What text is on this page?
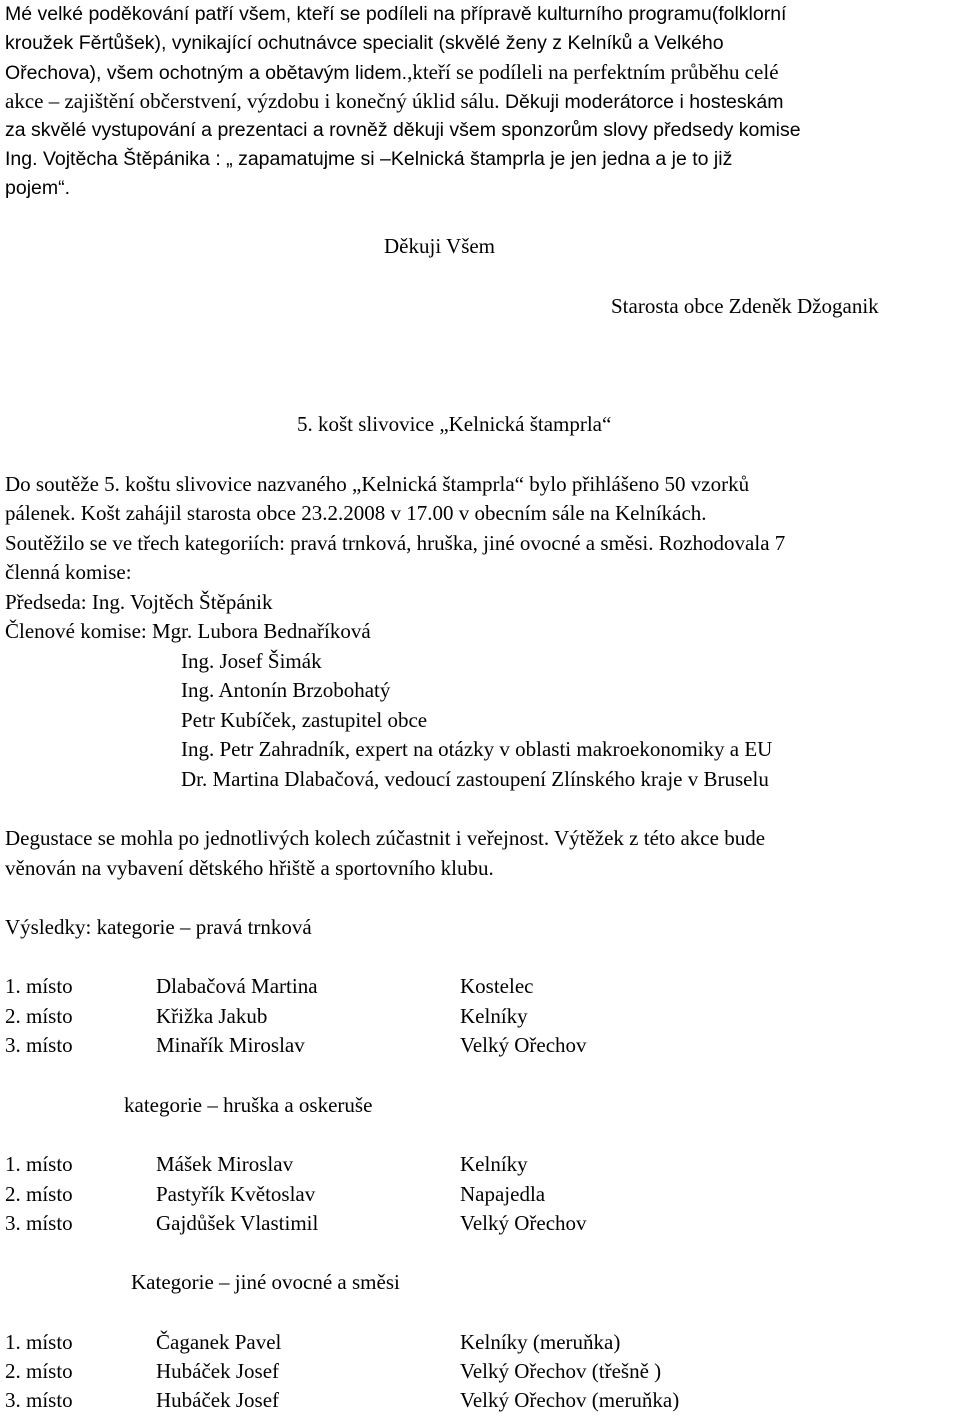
Mé velké poděkování patří všem, kteří se podíleli na přípravě kulturního programu(folklorní
kroužek Fěrtůšek), vynikající ochutnávce specialit (skvělé ženy z Kelníků a Velkého
Ořechova), všem ochotným a obětavým lidem.,kteří se podíleli na perfektním průběhu celé
akce – zajištění občerstvení, výzdobu i konečný úklid sálu. Děkuji moderátorce i hosteskám
za skvělé vystupování a prezentaci a rovněž děkuji všem sponzorům slovy předsedy komise
Ing. Vojtěcha Štěpánika : „ zapamatujme si –Kelnická štamprla je jen jedna a je to již
pojem“.
Děkuji Všem
Starosta obce Zdeněk Džoganik
5. košt slivovice „Kelnická štamprla“
Do soutěže 5. koštu slivovice nazvaného „Kelnická štamprla“ bylo přihlášeno 50 vzorků
pálenek. Košt zahájil starosta obce 23.2.2008 v 17.00 v obecním sále na Kelníkách.
Soutěžilo se ve třech kategoriích: pravá trnková, hruška, jiné ovocné a směsi. Rozhodovala 7
členná komise:
Předseda: Ing. Vojtěch Štěpánik
Členové komise: Mgr. Lubora Bednaříková
Ing. Josef Šimák
Ing. Antonín Brzobohatý
Petr Kubíček, zastupitel obce
Ing. Petr Zahradník, expert na otázky v oblasti makroekonomiky a EU
Dr. Martina Dlabačová, vedoucí zastoupení Zlínského kraje v Bruselu
Degustace se mohla po jednotlivých kolech zúčastnit i veřejnost. Výtěžek z této akce bude
věnován na vybavení dětského hřiště a sportovního klubu.
Výsledky: kategorie – pravá trnková
1. místo	Dlabačová Martina	Kostelec
2. místo	Křižka Jakub	Kelníky
3. místo	Minařík Miroslav	Velký Ořechov
kategorie – hruška a oskeruše
1. místo	Mášek Miroslav	Kelníky
2. místo	Pastyřík Květoslav	Napajedla
3. místo	Gajdůšek Vlastimil	Velký Ořechov
Kategorie – jiné ovocné a směsi
1. místo	Čaganek Pavel	Kelníky (meruňka)
2. místo	Hubáček Josef	Velký Ořechov (třešně )
3. místo	Hubáček Josef	Velký Ořechov (meruňka)
